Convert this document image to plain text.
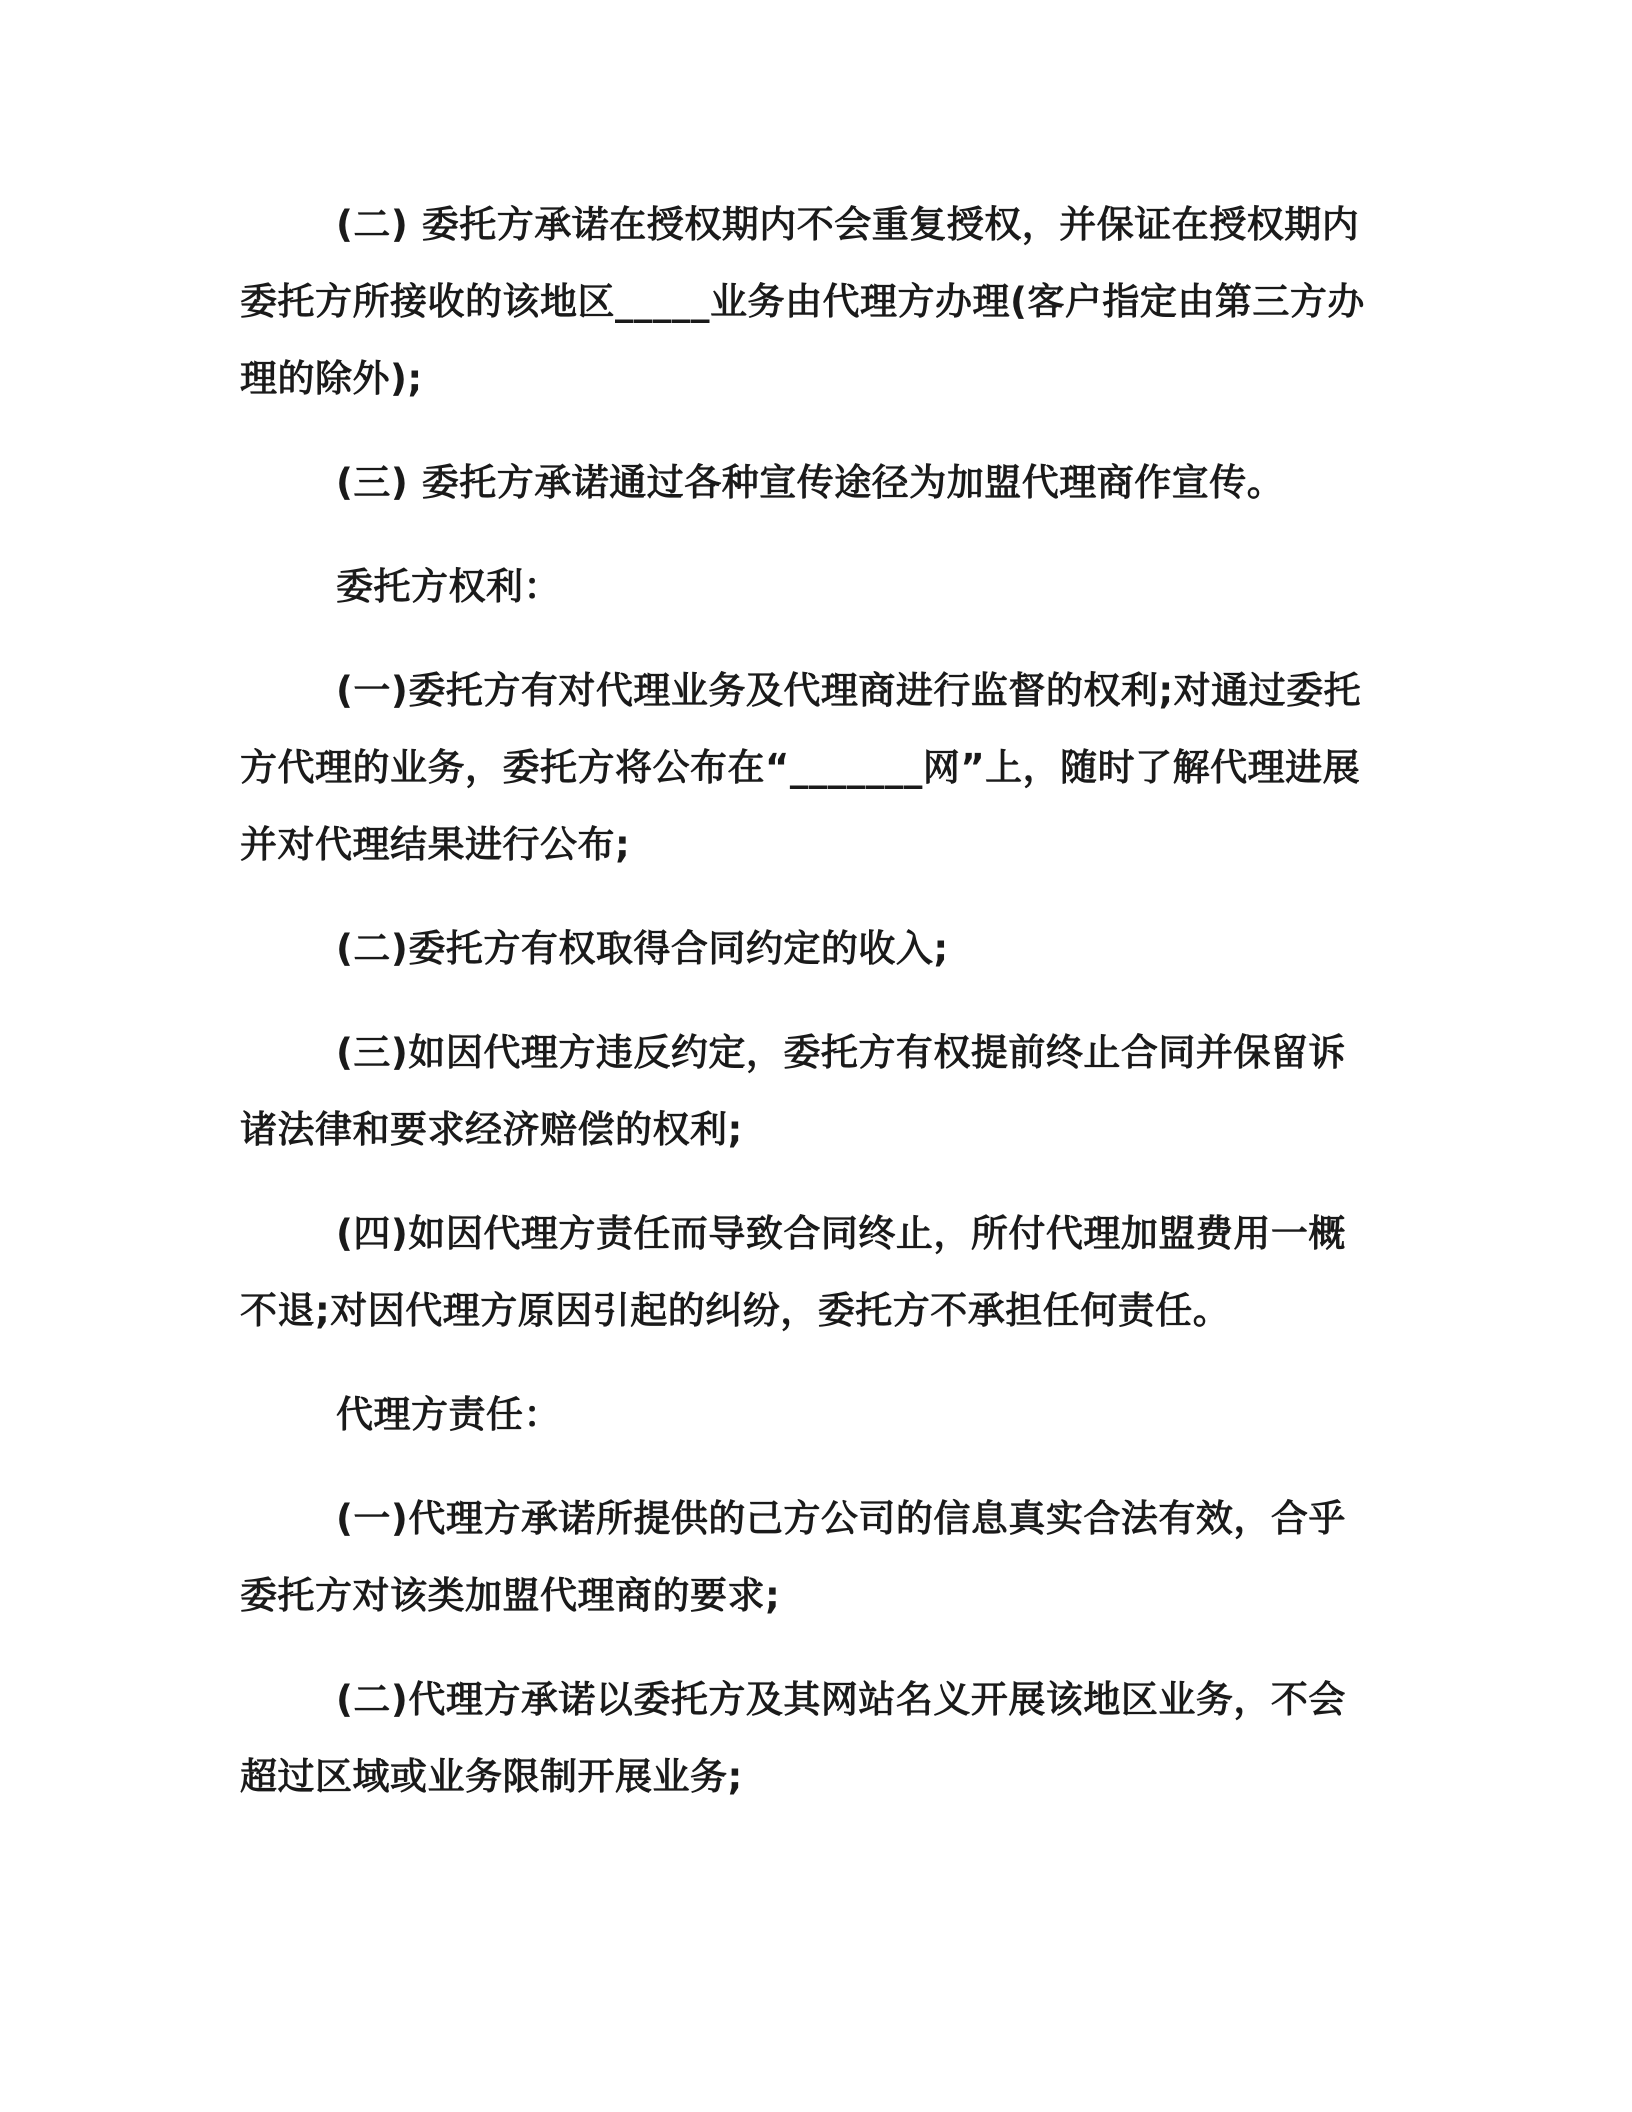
(二) 委托方承诺在授权期内不会重复授权，并保证在授权期内委托方所接收的该地区_____业务由代理方办理(客户指定由第三方办理的除外);

(三) 委托方承诺通过各种宣传途径为加盟代理商作宣传。

委托方权利：

(一)委托方有对代理业务及代理商进行监督的权利;对通过委托方代理的业务，委托方将公布在“_______网”上，随时了解代理进展并对代理结果进行公布;

(二)委托方有权取得合同约定的收入;

(三)如因代理方违反约定，委托方有权提前终止合同并保留诉诸法律和要求经济赔偿的权利;

(四)如因代理方责任而导致合同终止，所付代理加盟费用一概不退;对因代理方原因引起的纠纷，委托方不承担任何责任。

代理方责任：

(一)代理方承诺所提供的己方公司的信息真实合法有效，合乎委托方对该类加盟代理商的要求;

(二)代理方承诺以委托方及其网站名义开展该地区业务，不会超过区域或业务限制开展业务;
